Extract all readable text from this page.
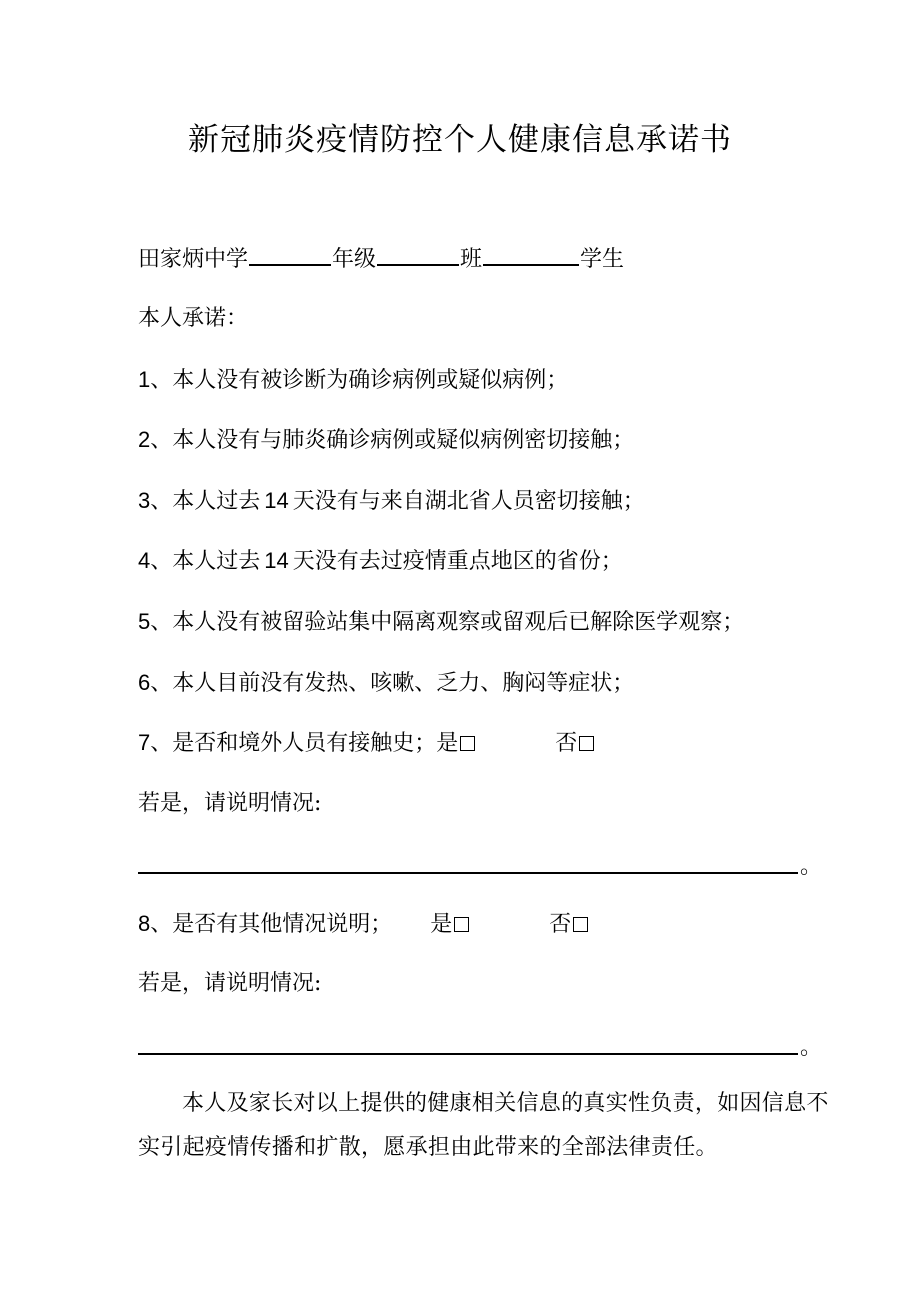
新冠肺炎疫情防控个人健康信息承诺书
田家炳中学	年级	班	学生
本人承诺：
1、本人没有被诊断为确诊病例或疑似病例；
2、本人没有与肺炎确诊病例或疑似病例密切接触；
3、本人过去 14 天没有与来自湖北省人员密切接触；
4、本人过去 14 天没有去过疫情重点地区的省份；
5、本人没有被留验站集中隔离观察或留观后已解除医学观察；
6、本人目前没有发热、咳嗽、乏力、胸闷等症状；
7、是否和境外人员有接触史；是	否
若是，请说明情况:
。
8、是否有其他情况说明； 是	否
若是，请说明情况:
。
本人及家长对以上提供的健康相关信息的真实性负责，如因信息不实引起疫情传播和扩散，愿承担由此带来的全部法律责任。
